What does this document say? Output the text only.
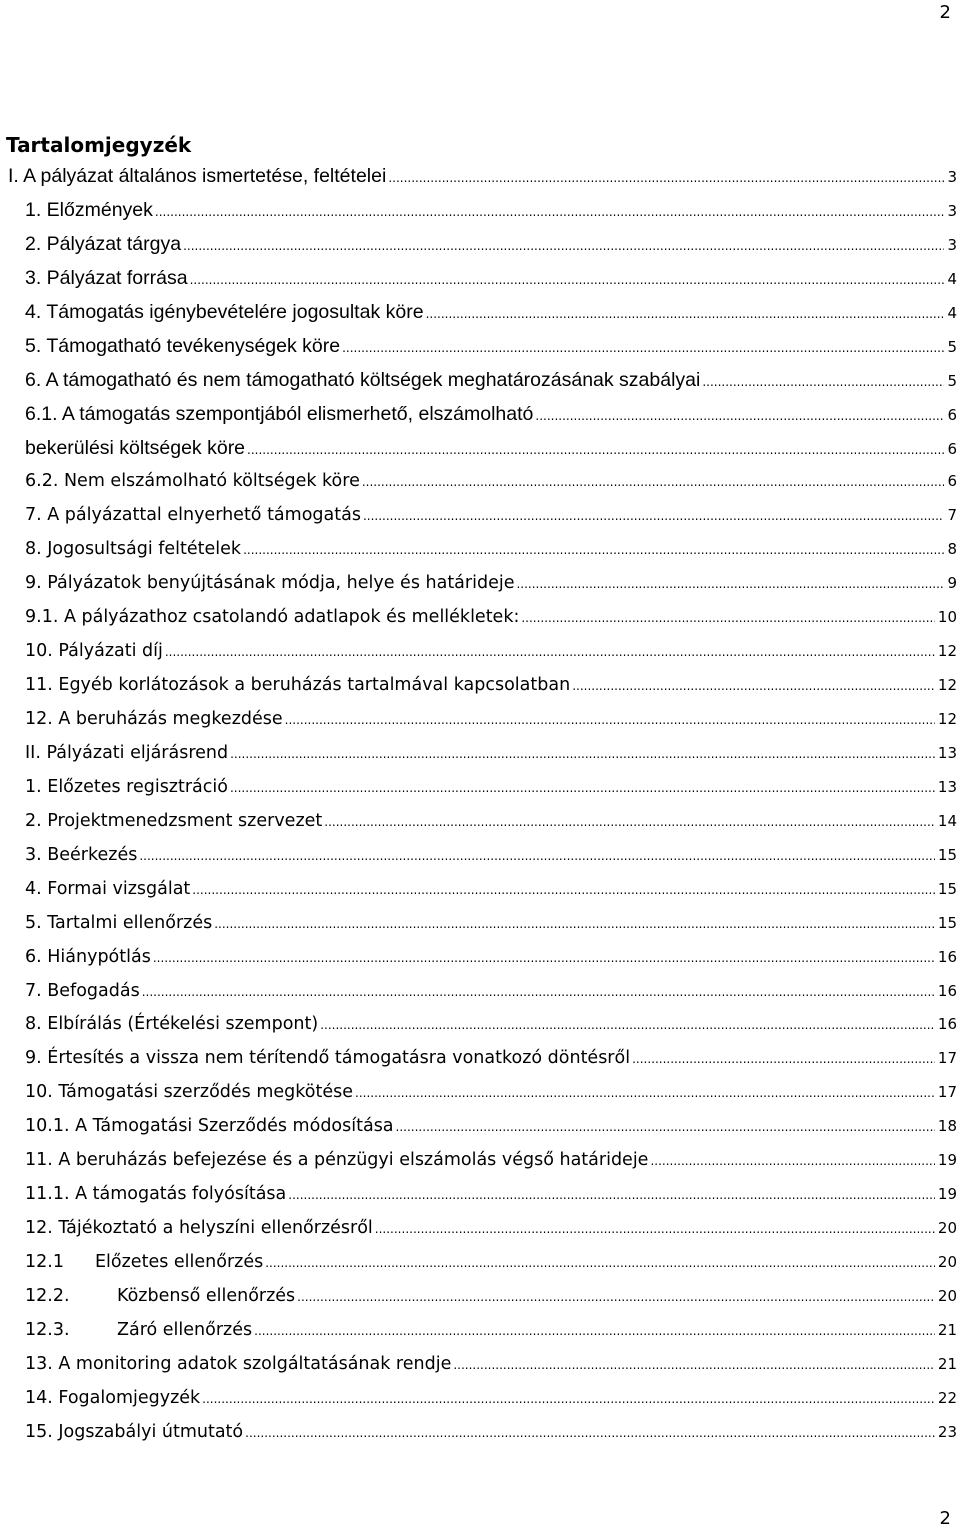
2
Tartalomjegyzék
I. A pályázat általános ismertetése, feltételei .....	3
1. Előzmények .....	3
2. Pályázat tárgya .....	3
3. Pályázat forrása .....	4
4. Támogatás igénybevételére jogosultak köre .....	4
5. Támogatható tevékenységek köre .....	5
6. A támogatható és nem támogatható költségek meghatározásának szabályai .....	5
6.1. A támogatás szempontjából elismerhető, elszámolható .....	6
bekerülési költségek köre .....	6
6.2. Nem elszámolható költségek köre .....	6
7. A pályázattal elnyerhető támogatás .....	7
8. Jogosultsági feltételek .....	8
9. Pályázatok benyújtásának módja, helye és határideje .....	9
9.1. A pályázathoz csatolandó adatlapok és mellékletek: .....	10
10. Pályázati díj .....	12
11. Egyéb korlátozások a beruházás tartalmával kapcsolatban .....	12
12. A beruházás megkezdése .....	12
II. Pályázati eljárásrend .....	13
1. Előzetes regisztráció .....	13
2. Projektmenedzsment szervezet .....	14
3. Beérkezés .....	15
4. Formai vizsgálat .....	15
5. Tartalmi ellenőrzés .....	15
6. Hiánypótlás .....	16
7. Befogadás .....	16
8. Elbírálás (Értékelési szempont) .....	16
9. Értesítés a vissza nem térítendő támogatásra vonatkozó döntésről .....	17
10. Támogatási szerződés megkötése .....	17
10.1. A Támogatási Szerződés módosítása .....	18
11. A beruházás befejezése és a pénzügyi elszámolás végső határideje .....	19
11.1. A támogatás folyósítása .....	19
12. Tájékoztató a helyszíni ellenőrzésről .....	20
12.1 Előzetes ellenőrzés .....	20
12.2.	Közbenső ellenőrzés .....	20
12.3.	Záró ellenőrzés .....	21
13. A monitoring adatok szolgáltatásának rendje .....	21
14. Fogalomjegyzék .....	22
15. Jogszabályi útmutató .....	23
2
